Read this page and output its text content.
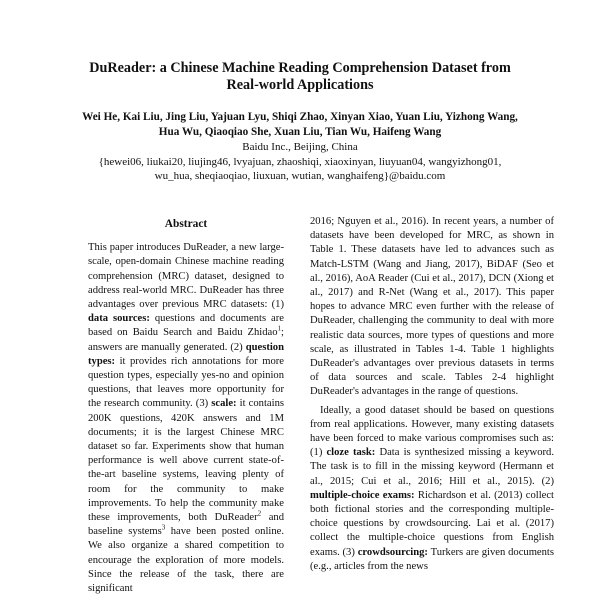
DuReader: a Chinese Machine Reading Comprehension Dataset from
Real-world Applications
Wei He, Kai Liu, Jing Liu, Yajuan Lyu, Shiqi Zhao, Xinyan Xiao, Yuan Liu, Yizhong Wang,
Hua Wu, Qiaoqiao She, Xuan Liu, Tian Wu, Haifeng Wang
Baidu Inc., Beijing, China
{hewei06, liukai20, liujing46, lvyajuan, zhaoshiqi, xiaoxinyan, liuyuan04, wangyizhong01,
wu_hua, sheqiaoqiao, liuxuan, wutian, wanghaifeng}@baidu.com
Abstract

This paper introduces DuReader, a new large-scale, open-domain Chinese machine reading comprehension (MRC) dataset, designed to address real-world MRC. DuReader has three advantages over previous MRC datasets: (1) data sources: questions and documents are based on Baidu Search and Baidu Zhidao$^1$; answers are manually generated. (2) question types: it provides rich annotations for more question types, especially yes-no and opinion questions, that leaves more opportunity for the research community. (3) scale: it contains 200K questions, 420K answers and 1M documents; it is the largest Chinese MRC dataset so far. Experiments show that human performance is well above current state-of-the-art baseline systems, leaving plenty of room for the community to make improvements. To help the community make these improvements, both DuReader$^2$ and baseline systems$^3$ have been posted online. We also organize a shared competition to encourage the exploration of more models. Since the release of the task, there are significant

2016; Nguyen et al., 2016). In recent years, a number of datasets have been developed for MRC, as shown in Table 1. These datasets have led to advances such as Match-LSTM (Wang and Jiang, 2017), BiDAF (Seo et al., 2016), AoA Reader (Cui et al., 2017), DCN (Xiong et al., 2017) and R-Net (Wang et al., 2017). This paper hopes to advance MRC even further with the release of DuReader, challenging the community to deal with more realistic data sources, more types of questions and more scale, as illustrated in Tables 1-4. Table 1 highlights DuReader's advantages over previous datasets in terms of data sources and scale. Tables 2-4 highlight DuReader's advantages in the range of questions.

Ideally, a good dataset should be based on questions from real applications. However, many existing datasets have been forced to make various compromises such as: (1) cloze task: Data is synthesized missing a keyword. The task is to fill in the missing keyword (Hermann et al., 2015; Cui et al., 2016; Hill et al., 2015). (2) multiple-choice exams: Richardson et al. (2013) collect both fictional stories and the corresponding multiple-choice questions by crowdsourcing. Lai et al. (2017) collect the multiple-choice questions from English exams. (3) crowdsourcing: Turkers are given documents (e.g., articles from the news
